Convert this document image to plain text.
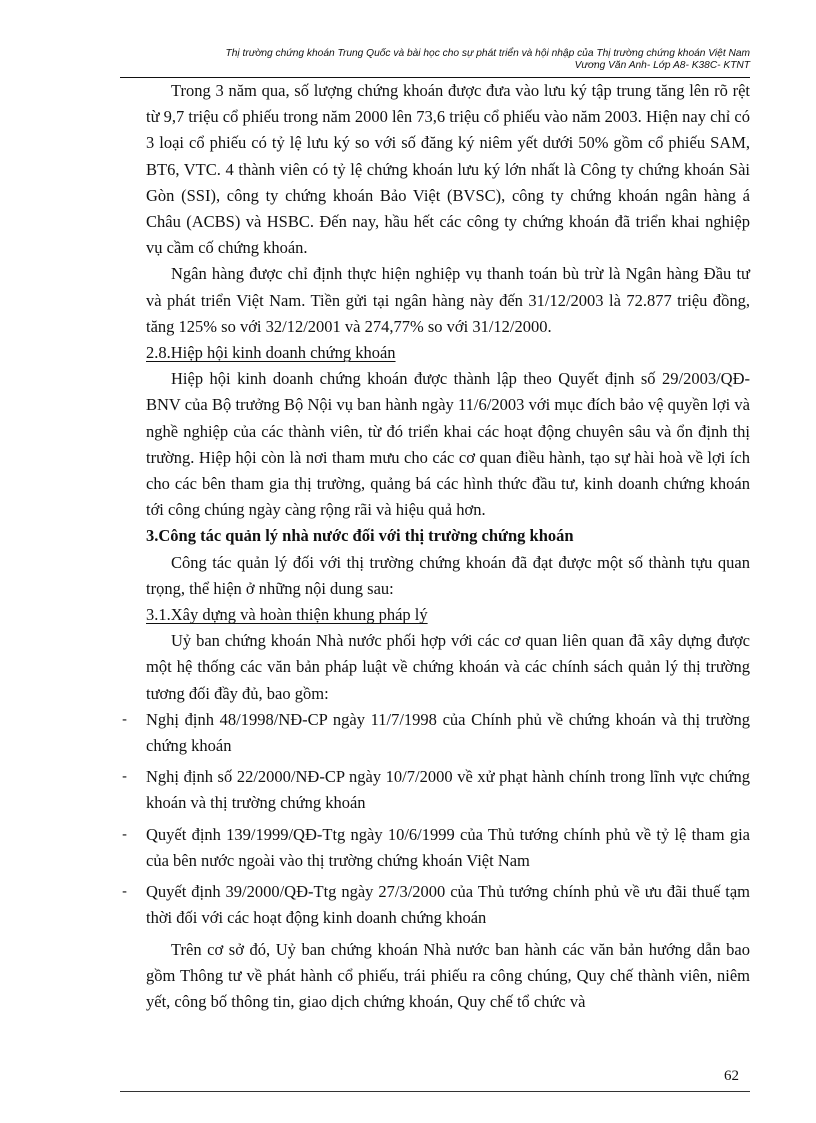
Thị trường chứng khoán Trung Quốc và bài học cho sự phát triển và hội nhập của Thị trường chứng khoán Việt Nam
Vương Văn Anh- Lớp A8- K38C- KTNT

Trong 3 năm qua, số lượng chứng khoán được đưa vào lưu ký tập trung tăng lên rõ rệt từ 9,7 triệu cổ phiếu trong năm 2000 lên 73,6 triệu cổ phiếu vào năm 2003. Hiện nay chỉ có 3 loại cổ phiếu có tỷ lệ lưu ký so với số đăng ký niêm yết dưới 50% gồm cổ phiếu SAM, BT6, VTC. 4 thành viên có tỷ lệ chứng khoán lưu ký lớn nhất là Công ty chứng khoán Sài Gòn (SSI), công ty chứng khoán Bảo Việt (BVSC), công ty chứng khoán ngân hàng á Châu (ACBS) và HSBC. Đến nay, hầu hết các công ty chứng khoán đã triển khai nghiệp vụ cầm cố chứng khoán.

Ngân hàng được chỉ định thực hiện nghiệp vụ thanh toán bù trừ là Ngân hàng Đầu tư và phát triển Việt Nam. Tiền gửi tại ngân hàng này đến 31/12/2003 là 72.877 triệu đồng, tăng 125% so với 32/12/2001 và 274,77% so với 31/12/2000.

2.8.Hiệp hội kinh doanh chứng khoán

Hiệp hội kinh doanh chứng khoán được thành lập theo Quyết định số 29/2003/QĐ-BNV của Bộ trưởng Bộ Nội vụ ban hành ngày 11/6/2003 với mục đích bảo vệ quyền lợi và nghề nghiệp của các thành viên, từ đó triển khai các hoạt động chuyên sâu và ổn định thị trường. Hiệp hội còn là nơi tham mưu cho các cơ quan điều hành, tạo sự hài hoà về lợi ích cho các bên tham gia thị trường, quảng bá các hình thức đầu tư, kinh doanh chứng khoán tới công chúng ngày càng rộng rãi và hiệu quả hơn.

3.Công tác quản lý nhà nước đối với thị trường chứng khoán

Công tác quản lý đối với thị trường chứng khoán đã đạt được một số thành tựu quan trọng, thể hiện ở những nội dung sau:

3.1.Xây dựng và hoàn thiện khung pháp lý

Uỷ ban chứng khoán Nhà nước phối hợp với các cơ quan liên quan đã xây dựng được một hệ thống các văn bản pháp luật về chứng khoán và các chính sách quản lý thị trường tương đối đầy đủ, bao gồm:

- Nghị định 48/1998/NĐ-CP ngày 11/7/1998 của Chính phủ về chứng khoán và thị trường chứng khoán
- Nghị định số 22/2000/NĐ-CP ngày 10/7/2000 về xử phạt hành chính trong lĩnh vực chứng khoán và thị trường chứng khoán
- Quyết định 139/1999/QĐ-Ttg ngày 10/6/1999 của Thủ tướng chính phủ về tỷ lệ tham gia của bên nước ngoài vào thị trường chứng khoán Việt Nam
- Quyết định 39/2000/QĐ-Ttg ngày 27/3/2000 của Thủ tướng chính phủ về ưu đãi thuế tạm thời đối với các hoạt động kinh doanh chứng khoán

Trên cơ sở đó, Uỷ ban chứng khoán Nhà nước ban hành các văn bản hướng dẫn bao gồm Thông tư về phát hành cổ phiếu, trái phiếu ra công chúng, Quy chế thành viên, niêm yết, công bố thông tin, giao dịch chứng khoán, Quy chế tổ chức và

62
